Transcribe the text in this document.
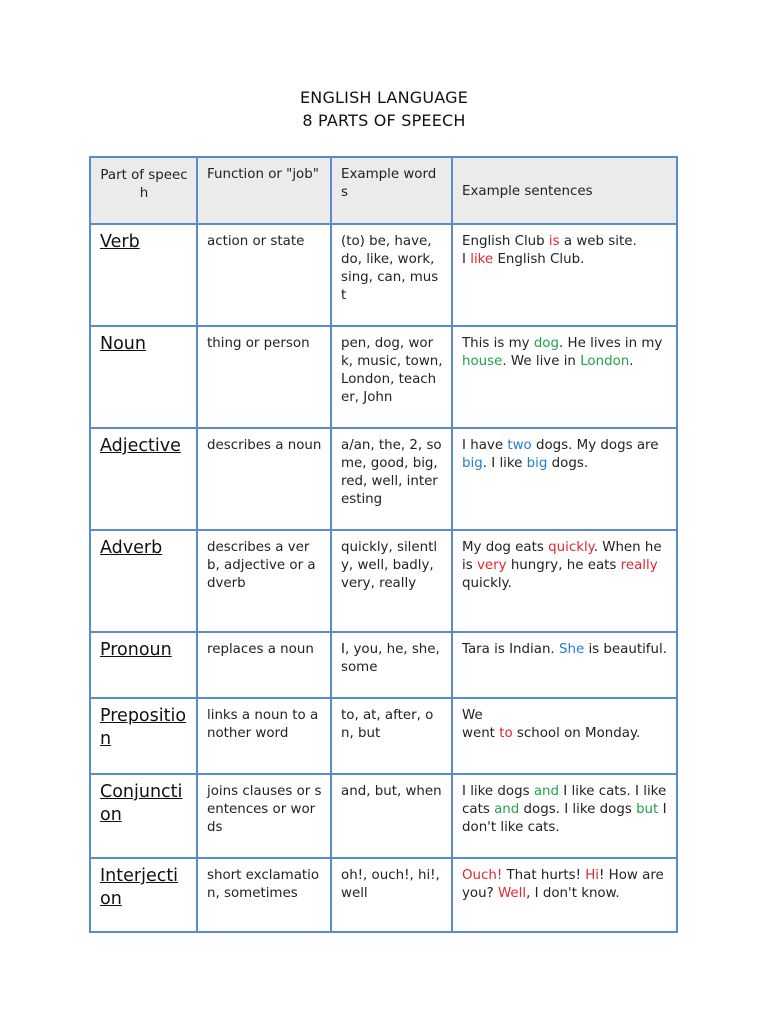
ENGLISH LANGUAGE
8 PARTS OF SPEECH
Part of speech	Function or "job"	Example words	Example sentences
Verb	action or state	(to) be, have, do, like, work, sing, can, must	English Club is a web site.
I like English Club.
Noun	thing or person	pen, dog, work, music, town, London, teacher, John	This is my dog. He lives in my house. We live in London.
Adjective	describes a noun	a/an, the, 2, some, good, big, red, well, interesting	I have two dogs. My dogs are big. I like big dogs.
Adverb	describes a verb, adjective or adverb	quickly, silently, well, badly, very, really	My dog eats quickly. When he is very hungry, he eats really quickly.
Pronoun	replaces a noun	I, you, he, she, some	Tara is Indian. She is beautiful.
Preposition	links a noun to another word	to, at, after, on, but	We
went to school on Monday.
Conjunction	joins clauses or sentences or words	and, but, when	I like dogs and I like cats. I like cats and dogs. I like dogs but I don't like cats.
Interjection	short exclamation, sometimes	oh!, ouch!, hi!, well	Ouch! That hurts! Hi! How are you? Well, I don't know.
